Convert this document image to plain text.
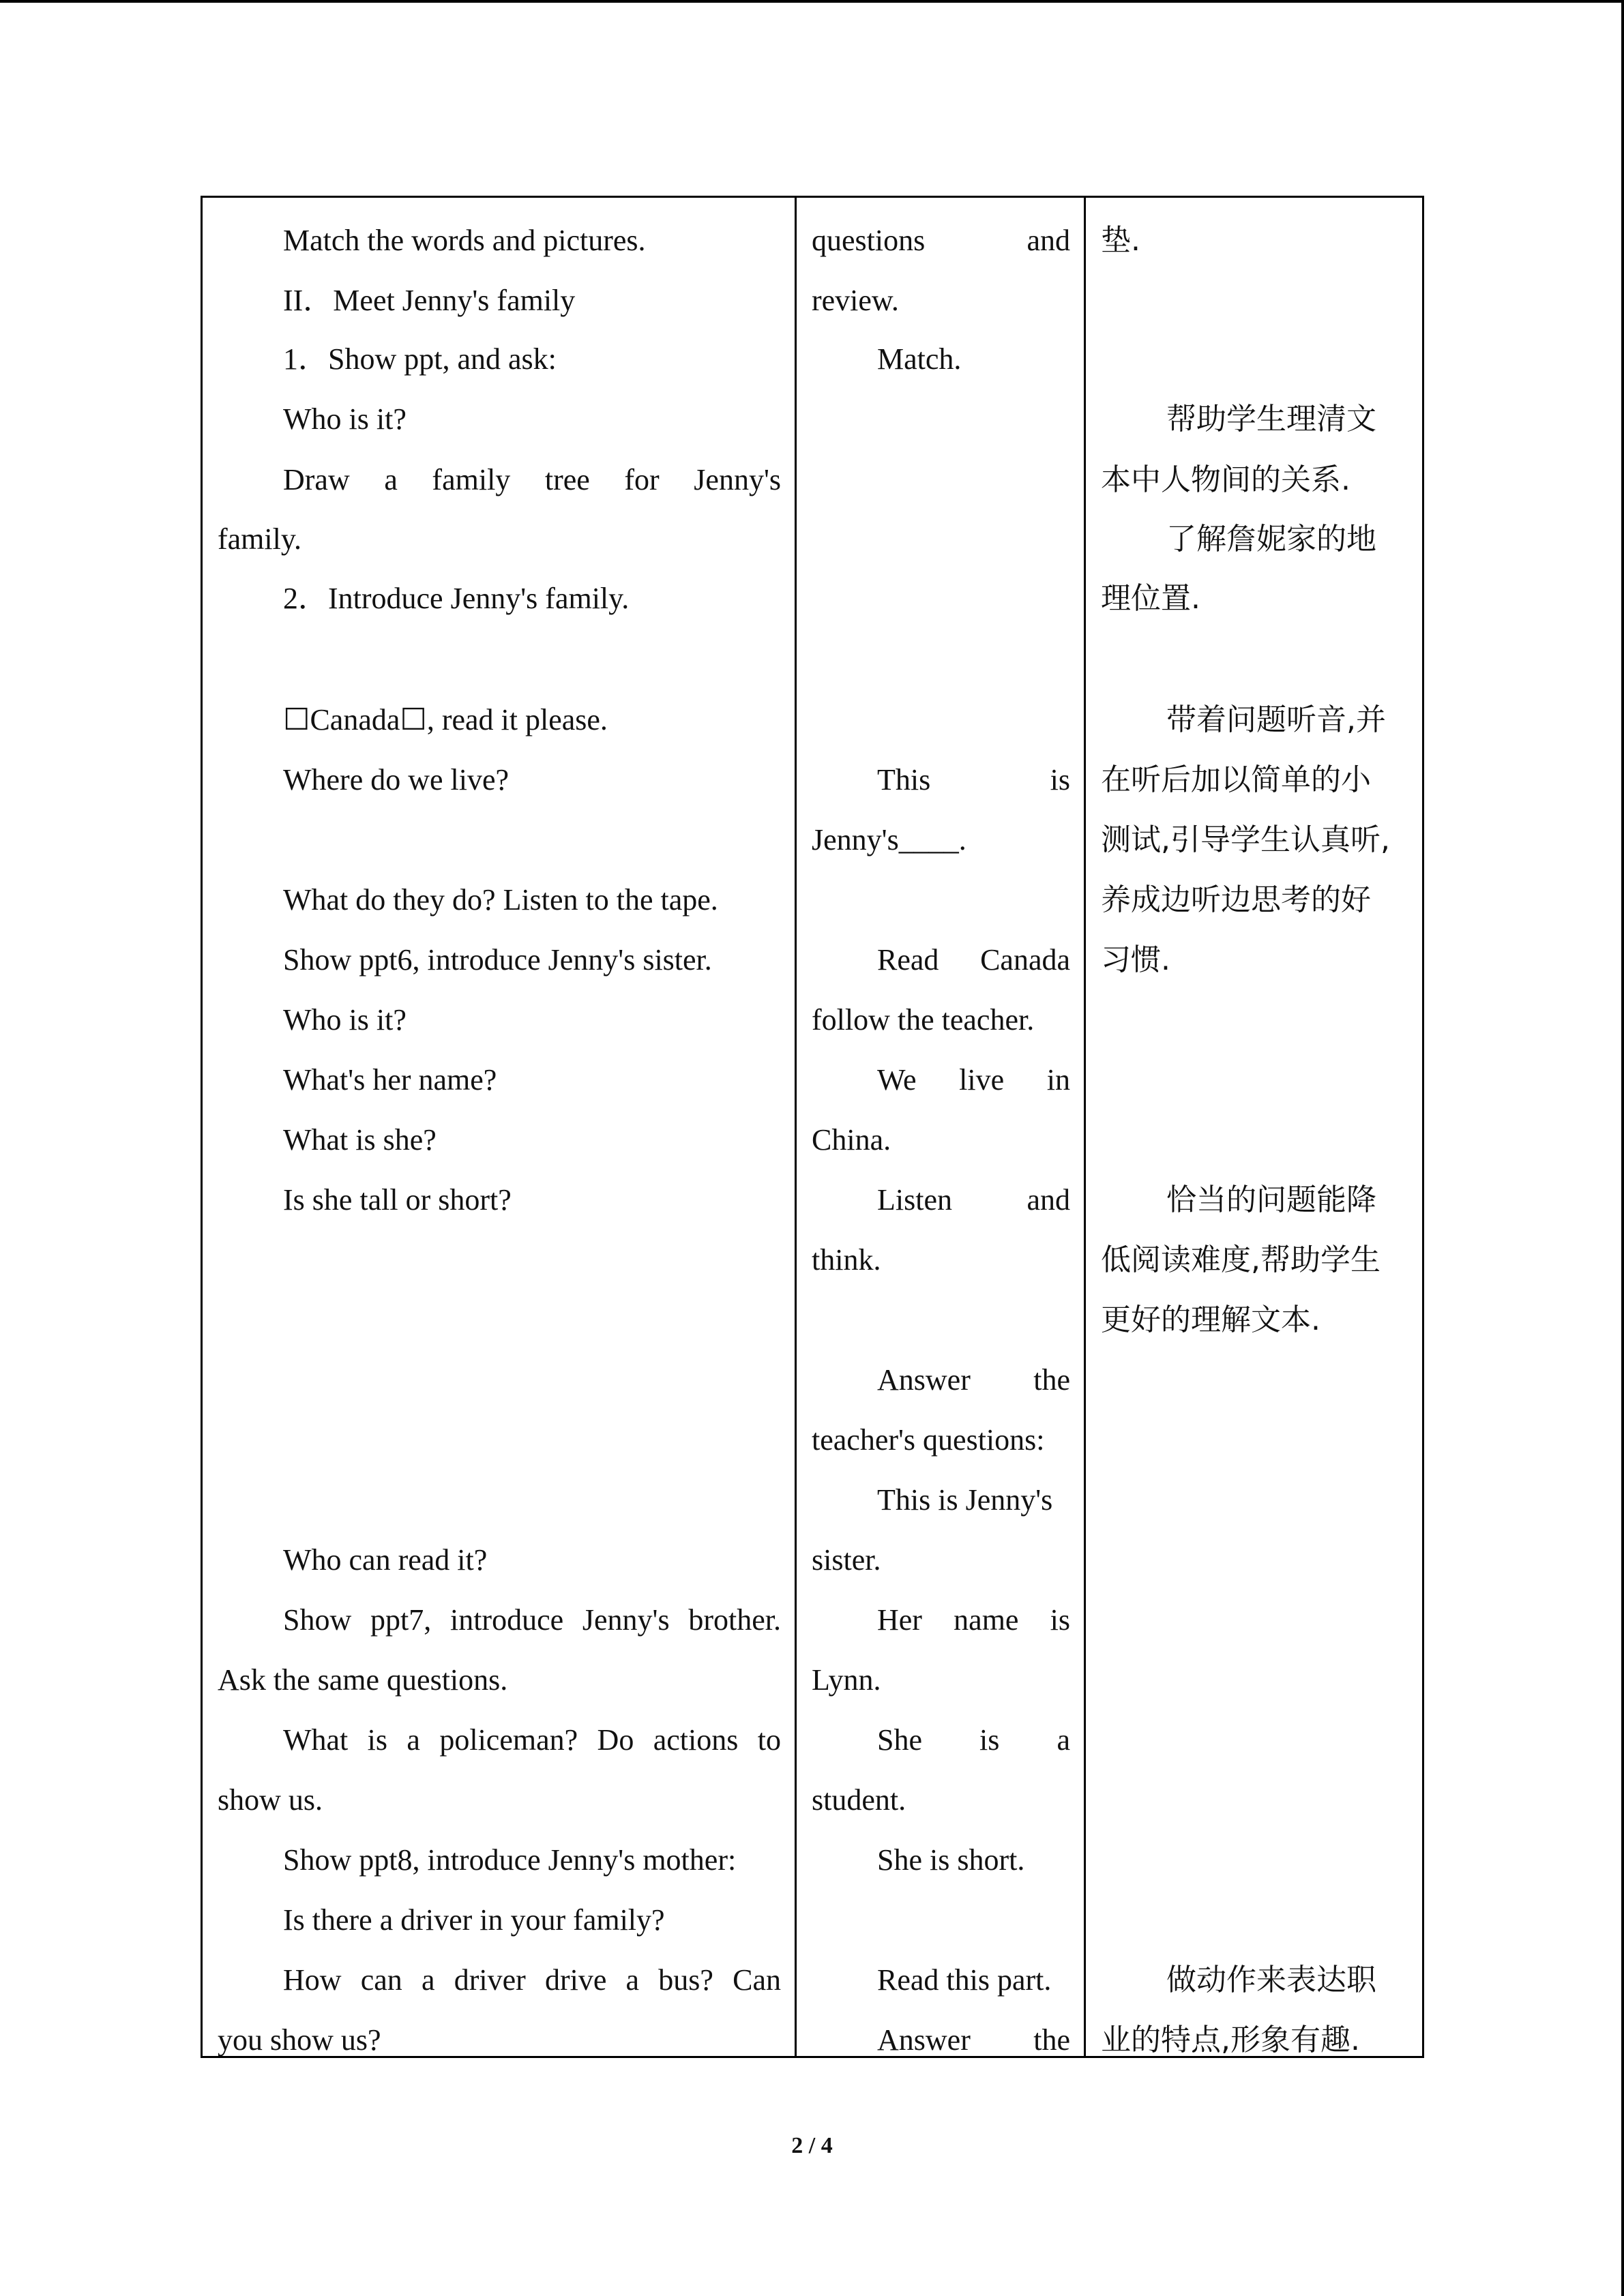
Match the words and pictures.
II．Meet Jenny's family
1．Show ppt, and ask:
Who is it?
Draw a family tree for Jenny's
family.
2．Introduce Jenny's family.
☐Canada☐, read it please.
Where do we live?
What do they do? Listen to the tape.
Show ppt6, introduce Jenny's sister.
Who is it?
What's her name?
What is she?
Is she tall or short?
Who can read it?
Show ppt7, introduce Jenny's brother.
Ask the same questions.
What is a policeman? Do actions to
show us.
Show ppt8, introduce Jenny's mother:
Is there a driver in your family?
How can a driver drive a bus? Can
you show us?
questions and
review.
Match.
This is
Jenny's____.
Read Canada
follow the teacher.
We live in
China.
Listen and
think.
Answer the
teacher's questions:
This is Jenny's
sister.
Her name is
Lynn.
She is a
student.
She is short.
Read this part.
Answer the
垫.
帮助学生理清文
本中人物间的关系.
了解詹妮家的地
理位置.
带着问题听音,并
在听后加以简单的小
测试,引导学生认真听,
养成边听边思考的好
习惯.
恰当的问题能降
低阅读难度,帮助学生
更好的理解文本.
做动作来表达职
业的特点,形象有趣.
2 / 4
